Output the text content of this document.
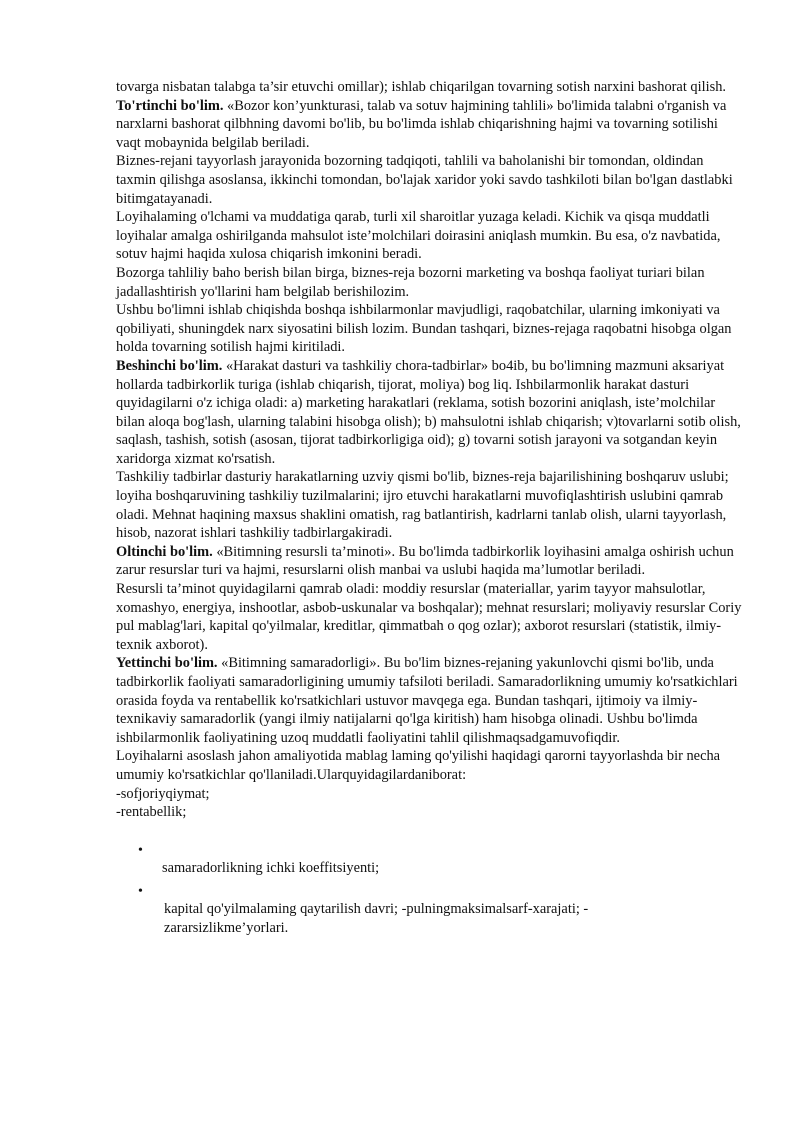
tovarga nisbatan talabga ta’sir etuvchi omillar); ishlab chiqarilgan tovarning sotish narxini bashorat qilish.

To'rtinchi bo'lim. «Bozor kon’yunkturasi, talab va sotuv hajmining tahlili» bo'limida talabni o'rganish va narxlarni bashorat qilbhning davomi bo'lib, bu bo'limda ishlab chiqarishning hajmi va tovarning sotilishi vaqt mobaynida belgilab beriladi.

Biznes-rejani tayyorlash jarayonida bozorning tadqiqoti, tahlili va baholanishi bir tomondan, oldindan taxmin qilishga asoslansa, ikkinchi tomondan, bo'lajak xaridor yoki savdo tashkiloti bilan bo'lgan dastlabki bitimgatayanadi.

Loyihalaming o'lchami va muddatiga qarab, turli xil sharoitlar yuzaga keladi. Kichik va qisqa muddatli loyihalar amalga oshirilganda mahsulot iste’molchilari doirasini aniqlash mumkin. Bu esa, o'z navbatida, sotuv hajmi haqida xulosa chiqarish imkonini beradi.

Bozorga tahliliy baho berish bilan birga, biznes-reja bozorni marketing va boshqa faoliyat turiari bilan jadallashtirish yo'llarini ham belgilab berishilozim.

Ushbu bo'limni ishlab chiqishda boshqa ishbilarmonlar mavjudligi, raqobatchilar, ularning imkoniyati va qobiliyati, shuningdek narx siyosatini bilish lozim. Bundan tashqari, biznes-rejaga raqobatni hisobga olgan holda tovarning sotilish hajmi kiritiladi.

Beshinchi bo'lim. «Harakat dasturi va tashkiliy chora-tadbirlar» bo4ib, bu bo'limning mazmuni aksariyat hollarda tadbirkorlik turiga (ishlab chiqarish, tijorat, moliya) bog liq. Ishbilarmonlik harakat dasturi quyidagilarni o'z ichiga oladi: a) marketing harakatlari (reklama, sotish bozorini aniqlash, iste’molchilar bilan aloqa bog'lash, ularning talabini hisobga olish); b) mahsulotni ishlab chiqarish; v)tovarlarni sotib olish, saqlash, tashish, sotish (asosan, tijorat tadbirkorligiga oid); g) tovarni sotish jarayoni va sotgandan keyin xaridorga xizmat кo'rsatish.

Tashkiliy tadbirlar dasturiy harakatlarning uzviy qismi bo'lib, biznes-reja bajarilishining boshqaruv uslubi; loyiha boshqaruvining tashkiliy tuzilmalarini; ijro etuvchi harakatlarni muvofiqlashtirish uslubini qamrab oladi. Mehnat haqining maxsus shaklini omatish, rag batlantirish, kadrlarni tanlab olish, ularni tayyorlash, hisob, nazorat ishlari tashkiliy tadbirlargakiradi.

Oltinchi bo'lim. «Bitimning resursli ta’minoti». Bu bo'limda tadbirkorlik loyihasini amalga oshirish uchun zarur resurslar turi va hajmi, resurslarni olish manbai va uslubi haqida ma’lumotlar beriladi.

Resursli ta’minot quyidagilarni qamrab oladi: moddiy resurslar (materiallar, yarim tayyor mahsulotlar, xomashyo, energiya, inshootlar, asbob-uskunalar va boshqalar); mehnat resurslari; moliyaviy resurslar Coriy pul mablag'lari, kapital qo'yilmalar, kreditlar, qimmatbah o qog ozlar); axborot resurslari (statistik, ilmiy-texnik axborot).

Yettinchi bo'lim. «Bitimning samaradorligi». Bu bo'lim biznes-rejaning yakunlovchi qismi bo'lib, unda tadbirkorlik faoliyati samaradorligining umumiy tafsiloti beriladi. Samaradorlikning umumiy ko'rsatkichlari orasida foyda va rentabellik ko'rsatkichlari ustuvor mavqega ega. Bundan tashqari, ijtimoiy va ilmiy-texnikaviy samaradorlik (yangi ilmiy natijalarni qo'lga kiritish) ham hisobga olinadi. Ushbu bo'limda ishbilarmonlik faoliyatining uzoq muddatli faoliyatini tahlil qilishmaqsadgamuvofiqdir.

Loyihalarni asoslash jahon amaliyotida mablag laming qo'yilishi haqidagi qarorni tayyorlashda bir necha umumiy ko'rsatkichlar qo'llaniladi.Ularquyidagilardaniborat:

-sofjoriyqiymat;

-rentabellik;

•
samaradorlikning ichki koeffitsiyenti;
•
kapital qo'yilmalaming qaytarilish davri; -pulningmaksimalsarf-xarajati; -zararsizlikme’yorlari.
